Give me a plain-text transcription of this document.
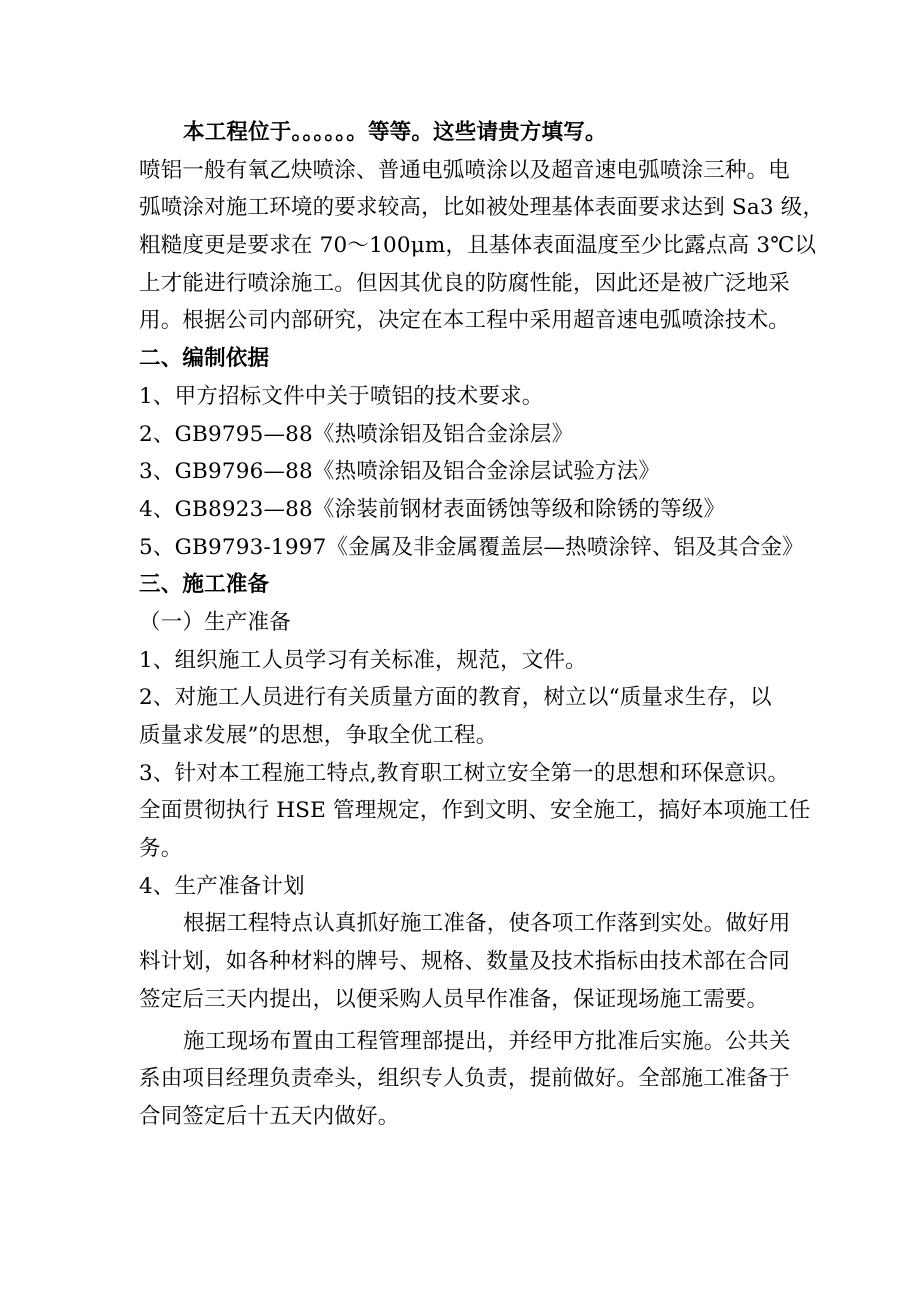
本工程位于。。。。。。等等。这些请贵方填写。
喷铝一般有氧乙炔喷涂、普通电弧喷涂以及超音速电弧喷涂三种。电
弧喷涂对施工环境的要求较高，比如被处理基体表面要求达到 Sa3 级，
粗糙度更是要求在 70～100μm，且基体表面温度至少比露点高 3℃以
上才能进行喷涂施工。但因其优良的防腐性能，因此还是被广泛地采
用。根据公司内部研究，决定在本工程中采用超音速电弧喷涂技术。
二、编制依据
1、甲方招标文件中关于喷铝的技术要求。
2、GB9795—88《热喷涂铝及铝合金涂层》
3、GB9796—88《热喷涂铝及铝合金涂层试验方法》
4、GB8923—88《涂装前钢材表面锈蚀等级和除锈的等级》
5、GB9793-1997《金属及非金属覆盖层—热喷涂锌、铝及其合金》
三、施工准备
（一）生产准备
1、组织施工人员学习有关标准，规范，文件。
2、对施工人员进行有关质量方面的教育，树立以“质量求生存，以
质量求发展”的思想，争取全优工程。
3、针对本工程施工特点,教育职工树立安全第一的思想和环保意识。
全面贯彻执行 HSE 管理规定，作到文明、安全施工，搞好本项施工任
务。
4、生产准备计划
根据工程特点认真抓好施工准备，使各项工作落到实处。做好用
料计划，如各种材料的牌号、规格、数量及技术指标由技术部在合同
签定后三天内提出，以便采购人员早作准备，保证现场施工需要。
施工现场布置由工程管理部提出，并经甲方批准后实施。公共关
系由项目经理负责牵头，组织专人负责，提前做好。全部施工准备于
合同签定后十五天内做好。
